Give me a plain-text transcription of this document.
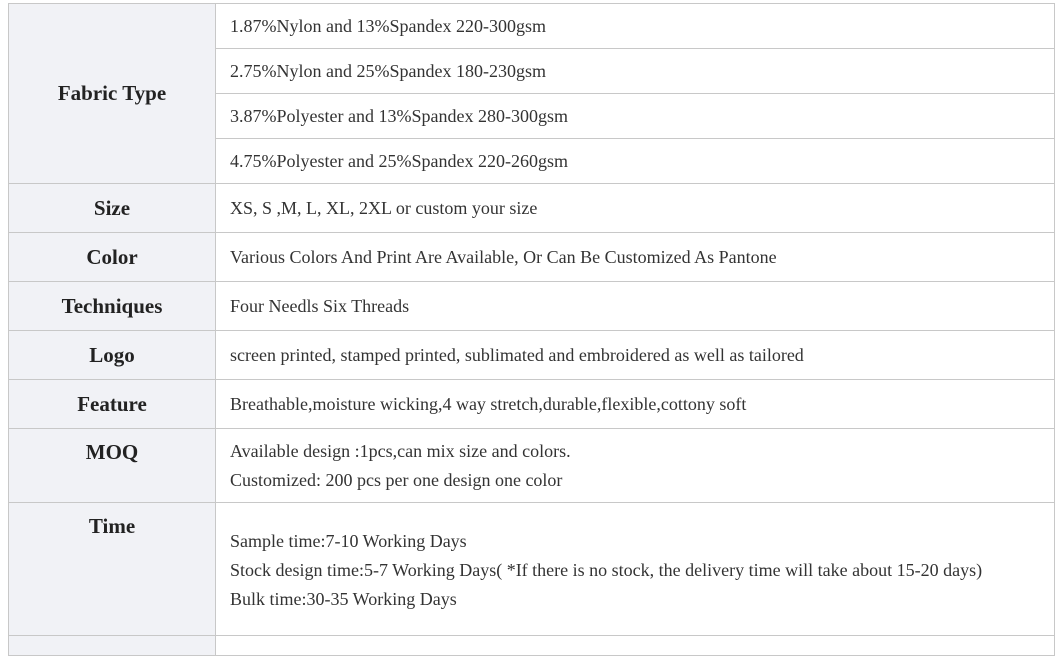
Fabric Type	1.87%Nylon and 13%Spandex 220-300gsm
	2.75%Nylon and 25%Spandex 180-230gsm
	3.87%Polyester and 13%Spandex 280-300gsm
	4.75%Polyester and 25%Spandex 220-260gsm
Size	XS, S ,M, L, XL, 2XL or custom your size
Color	Various Colors And Print Are Available, Or Can Be Customized As Pantone
Techniques	Four Needls Six Threads
Logo	screen printed, stamped printed, sublimated and embroidered as well as tailored
Feature	Breathable,moisture wicking,4 way stretch,durable,flexible,cottony soft

MOQ	Available design :1pcs,can mix size and colors.
Customized: 200 pcs per one design one color

Time	Sample time:7-10 Working Days
Stock design time:5-7 Working Days( *If there is no stock, the delivery time will take about 15-20 days)
Bulk time:30-35 Working Days
